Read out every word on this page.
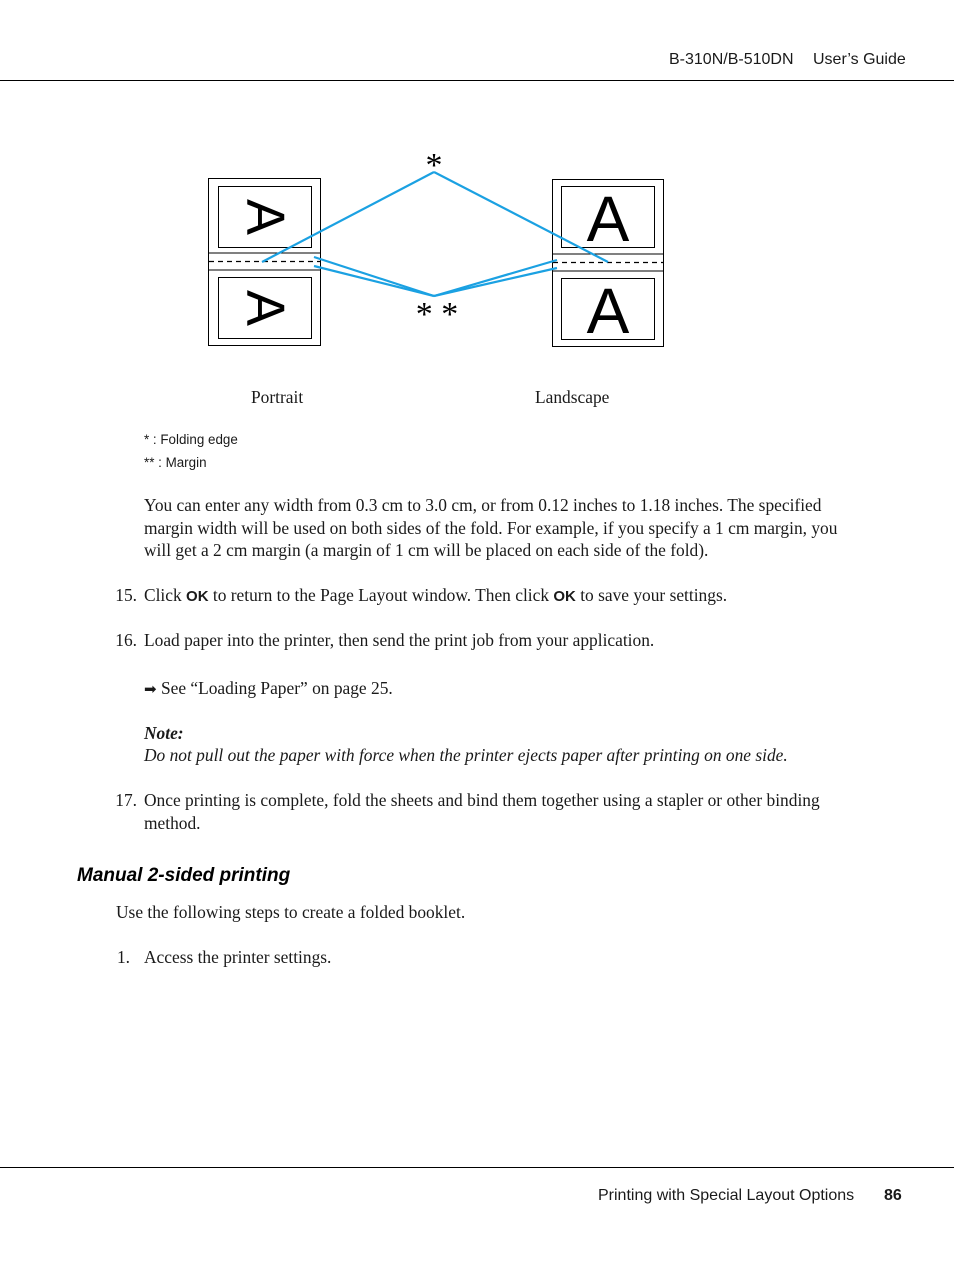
B-310N/B-510DN User’s Guide
A
A
A
A
*
* *
Portrait	Landscape
* : Folding edge
** : Margin
You can enter any width from 0.3 cm to 3.0 cm, or from 0.12 inches to 1.18 inches. The specified
margin width will be used on both sides of the fold. For example, if you specify a 1 cm margin, you
will get a 2 cm margin (a margin of 1 cm will be placed on each side of the fold).
15. Click OK to return to the Page Layout window. Then click OK to save your settings.
16. Load paper into the printer, then send the print job from your application.
➡ See “Loading Paper” on page 25.
Note:
Do not pull out the paper with force when the printer ejects paper after printing on one side.
17. Once printing is complete, fold the sheets and bind them together using a stapler or other binding
method.
Manual 2-sided printing
Use the following steps to create a folded booklet.
1. Access the printer settings.
Printing with Special Layout Options 86
